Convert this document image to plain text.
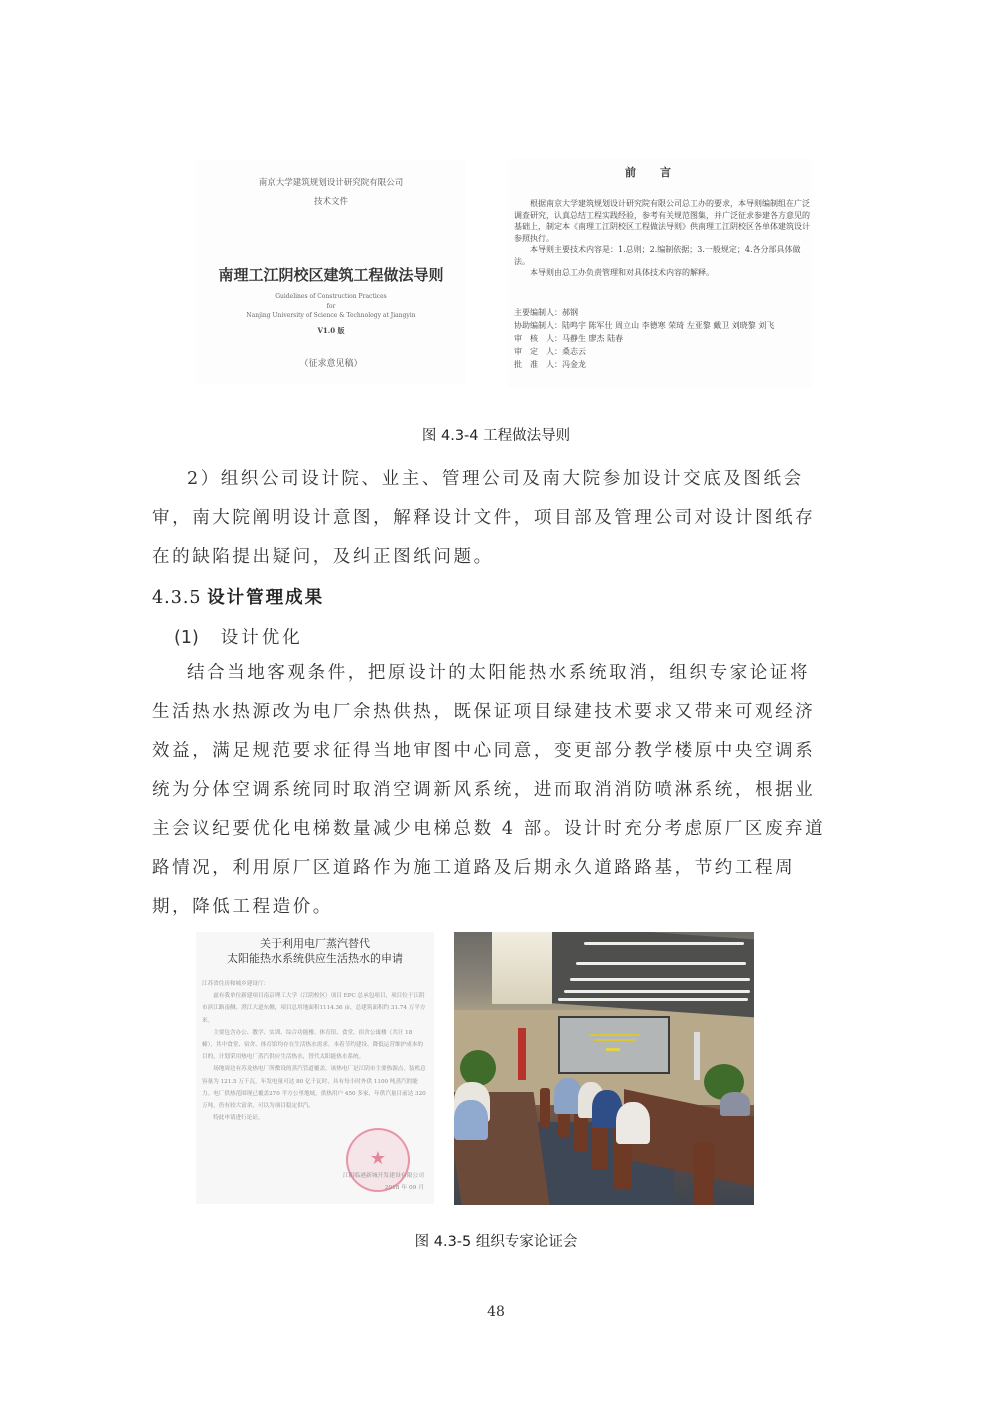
南京大学建筑规划设计研究院有限公司
技术文件
南理工江阴校区建筑工程做法导则
Guidelines of Construction Practices
for
Nanjing University of Science & Technology at Jiangyin
V1.0 版
（征求意见稿）
前言

根据南京大学建筑规划设计研究院有限公司总工办的要求，本导则编制组在广泛调查研究，认真总结工程实践经验，参考有关规范图集，并广泛征求参建各方意见的基础上，制定本《南理工江阴校区工程做法导则》供南理工江阴校区各单体建筑设计参照执行。

本导则主要技术内容是：1.总则；2.编制依据；3.一般规定；4.各分部具体做法。

本导则由总工办负责管理和对具体技术内容的解释。

主要编制人：郝钢
协助编制人：陆鸣宇 陈军仕 周立山 李德寒 荣琦 左亚黎 戴卫 刘晓黎 刘飞
审　核　人：马静生 廖杰 陆春
审　定　人：桑志云
批　准　人：冯金龙
图 4.3-4 工程做法导则

2）组织公司设计院、业主、管理公司及南大院参加设计交底及图纸会审，南大院阐明设计意图，解释设计文件，项目部及管理公司对设计图纸存在的缺陷提出疑问，及纠正图纸问题。

4.3.5 设计管理成果
(1) 设计优化

结合当地客观条件，把原设计的太阳能热水系统取消，组织专家论证将生活热水热源改为电厂余热供热，既保证项目绿建技术要求又带来可观经济效益，满足规范要求征得当地审图中心同意，变更部分教学楼原中央空调系统为分体空调系统同时取消空调新风系统，进而取消消防喷淋系统，根据业主会议纪要优化电梯数量减少电梯总数 4 部。设计时充分考虑原厂区废弃道路情况，利用原厂区道路作为施工道路及后期永久道路路基，节约工程周期，降低工程造价。

关于利用电厂蒸汽替代
太阳能热水系统供应生活热水的申请

江苏省住房和城乡建设厅：

兹有我单位新建项目南京理工大学（江阴校区）项目 EPC 总承包项目，项目位于江阴市滨江路南侧、澄江大道东侧，项目总用地面积1114.36 亩，总建筑面积约 31.74 万平方米。

主要包含办公、教学、实训、综合功能楼、体育馆、食堂、宿舍公寓楼（共计 18 幢），其中食堂、宿舍、体育馆均存在生活热水需求。本着节约建设、降低运营维护成本的目的，计划采用热电厂蒸汽供应生活热水，替代太阳能热水系统。

场地周边有苏龙热电厂所敷设的蒸汽管道覆盖，该热电厂是江阴市主要热源点，装机总容量为 121.5 万千瓦，年发电量可达 80 亿千瓦时，具有每小时外供 1100 吨蒸汽的能力。电厂供热范围现已覆盖270 平方公里地域，供热用户 450 多家，年供汽量目前达 320 万吨，仍有较大富余，可以为项目稳定供汽。

特此申请进行论证。

★
江阴临港新城开发建设有限公司
2018 年 09 月
图 4.3-5 组织专家论证会
48
